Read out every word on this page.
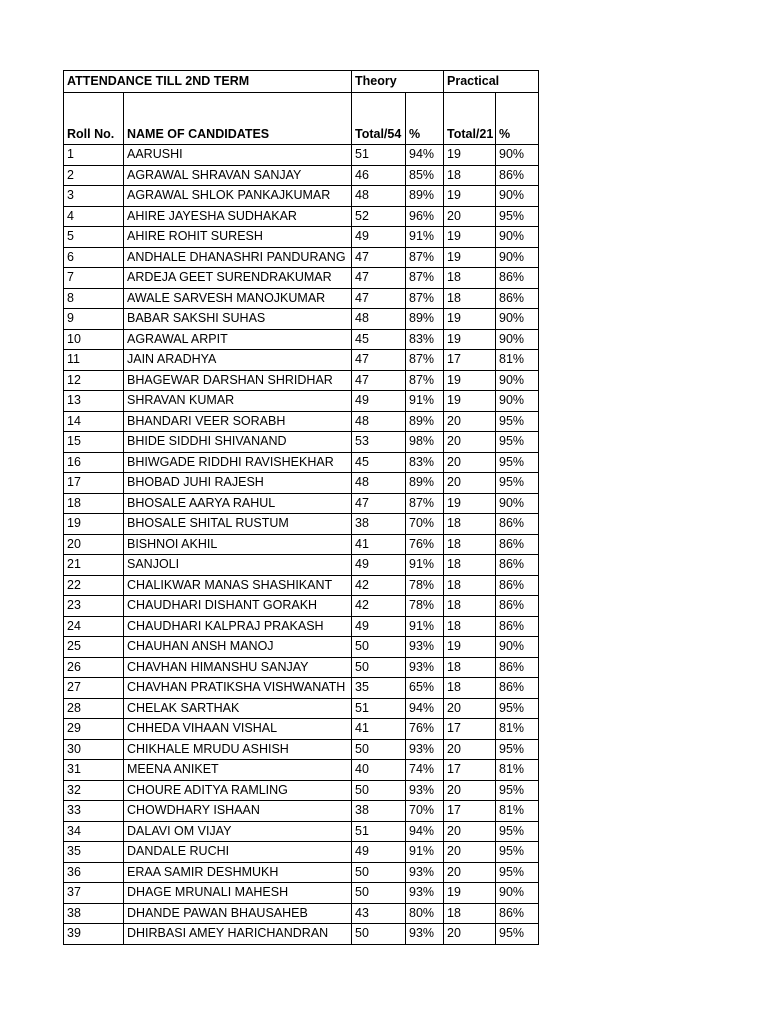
ATTENDANCE TILL 2ND TERM		Theory		Practical	
Roll No.	NAME OF CANDIDATES	Total/54	%	Total/21	%
1	AARUSHI	51	94%	19	90%
2	AGRAWAL SHRAVAN SANJAY	46	85%	18	86%
3	AGRAWAL SHLOK PANKAJKUMAR	48	89%	19	90%
4	AHIRE JAYESHA SUDHAKAR	52	96%	20	95%
5	AHIRE ROHIT SURESH	49	91%	19	90%
6	ANDHALE DHANASHRI PANDURANG	47	87%	19	90%
7	ARDEJA GEET SURENDRAKUMAR	47	87%	18	86%
8	AWALE SARVESH MANOJKUMAR	47	87%	18	86%
9	BABAR SAKSHI SUHAS	48	89%	19	90%
10	AGRAWAL ARPIT	45	83%	19	90%
11	JAIN ARADHYA	47	87%	17	81%
12	BHAGEWAR DARSHAN SHRIDHAR	47	87%	19	90%
13	SHRAVAN KUMAR	49	91%	19	90%
14	BHANDARI VEER SORABH	48	89%	20	95%
15	BHIDE SIDDHI SHIVANAND	53	98%	20	95%
16	BHIWGADE RIDDHI RAVISHEKHAR	45	83%	20	95%
17	BHOBAD JUHI RAJESH	48	89%	20	95%
18	BHOSALE AARYA RAHUL	47	87%	19	90%
19	BHOSALE SHITAL RUSTUM	38	70%	18	86%
20	BISHNOI AKHIL	41	76%	18	86%
21	SANJOLI	49	91%	18	86%
22	CHALIKWAR MANAS SHASHIKANT	42	78%	18	86%
23	CHAUDHARI DISHANT GORAKH	42	78%	18	86%
24	CHAUDHARI KALPRAJ PRAKASH	49	91%	18	86%
25	CHAUHAN ANSH MANOJ	50	93%	19	90%
26	CHAVHAN HIMANSHU SANJAY	50	93%	18	86%
27	CHAVHAN PRATIKSHA VISHWANATH	35	65%	18	86%
28	CHELAK SARTHAK	51	94%	20	95%
29	CHHEDA VIHAAN VISHAL	41	76%	17	81%
30	CHIKHALE MRUDU ASHISH	50	93%	20	95%
31	MEENA ANIKET	40	74%	17	81%
32	CHOURE ADITYA RAMLING	50	93%	20	95%
33	CHOWDHARY ISHAAN	38	70%	17	81%
34	DALAVI OM VIJAY	51	94%	20	95%
35	DANDALE RUCHI	49	91%	20	95%
36	ERAA SAMIR DESHMUKH	50	93%	20	95%
37	DHAGE MRUNALI MAHESH	50	93%	19	90%
38	DHANDE PAWAN BHAUSAHEB	43	80%	18	86%
39	DHIRBASI AMEY HARICHANDRAN	50	93%	20	95%
